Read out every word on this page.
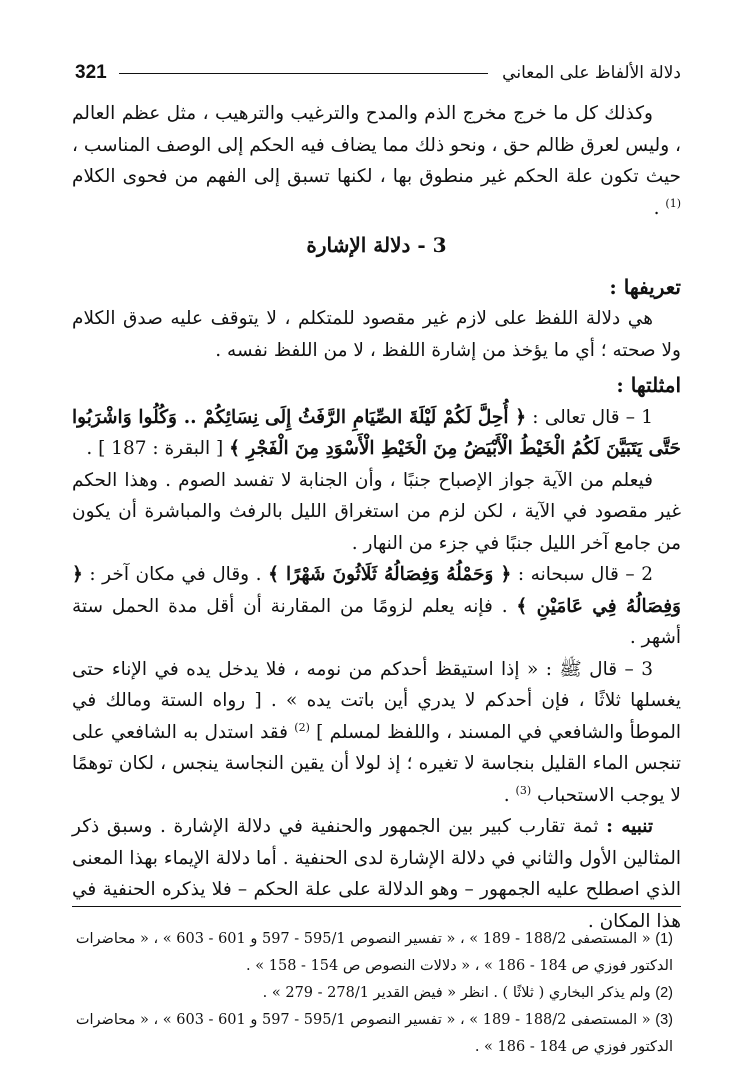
دلالة الألفاظ على المعاني
321

وكذلك كل ما خرج مخرج الذم والمدح والترغيب والترهيب ، مثل عظم العالم ، وليس لعرق ظالم حق ، ونحو ذلك مما يضاف فيه الحكم إلى الوصف المناسب ، حيث تكون علة الحكم غير منطوق بها ، لكنها تسبق إلى الفهم من فحوى الكلام $^{(1)}$ .

3 - دلالة الإشارة

تعريفها :

هي دلالة اللفظ على لازم غير مقصود للمتكلم ، لا يتوقف عليه صدق الكلام ولا صحته ؛ أي ما يؤخذ من إشارة اللفظ ، لا من اللفظ نفسه .

امثلتها :

1 – قال تعالى : ﴿ أُحِلَّ لَكُمْ لَيْلَةَ الصِّيَامِ الرَّفَثُ إِلَى نِسَائِكُمْ .. وَكُلُوا وَاشْرَبُوا حَتَّى يَتَبَيَّنَ لَكُمُ الْخَيْطُ الْأَبْيَضُ مِنَ الْخَيْطِ الْأَسْوَدِ مِنَ الْفَجْرِ ﴾ [ البقرة : 187 ] .

فيعلم من الآية جواز الإصباح جنبًا ، وأن الجنابة لا تفسد الصوم . وهذا الحكم غير مقصود في الآية ، لكن لزم من استغراق الليل بالرفث والمباشرة أن يكون من جامع آخر الليل جنبًا في جزء من النهار .

2 – قال سبحانه : ﴿ وَحَمْلُهُ وَفِصَالُهُ ثَلَاثُونَ شَهْرًا ﴾ . وقال في مكان آخر : ﴿ وَفِصَالُهُ فِي عَامَيْنِ ﴾ . فإنه يعلم لزومًا من المقارنة أن أقل مدة الحمل ستة أشهر .

3 – قال ﷺ : « إذا استيقظ أحدكم من نومه ، فلا يدخل يده في الإناء حتى يغسلها ثلاثًا ، فإن أحدكم لا يدري أين باتت يده » . [ رواه الستة ومالك في الموطأ والشافعي في المسند ، واللفظ لمسلم ] $^{(2)}$ فقد استدل به الشافعي على تنجس الماء القليل بنجاسة لا تغيره ؛ إذ لولا أن يقين النجاسة ينجس ، لكان توهمًا لا يوجب الاستحباب $^{(3)}$ .

تنبيه : ثمة تقارب كبير بين الجمهور والحنفية في دلالة الإشارة . وسبق ذكر المثالين الأول والثاني في دلالة الإشارة لدى الحنفية . أما دلالة الإيماء بهذا المعنى الذي اصطلح عليه الجمهور – وهو الدلالة على علة الحكم – فلا يذكره الحنفية في هذا المكان .

(1) « المستصفى 188/2 - 189 » ، « تفسير النصوص 595/1 - 597 و 601 - 603 » ، « محاضرات الدكتور فوزي ص 184 - 186 » ، « دلالات النصوص ص 154 - 158 » .

(2) ولم يذكر البخاري ( ثلاثًا ) . انظر « فيض القدير 278/1 - 279 » .

(3) « المستصفى 188/2 - 189 » ، « تفسير النصوص 595/1 - 597 و 601 - 603 » ، « محاضرات الدكتور فوزي ص 184 - 186 » .
